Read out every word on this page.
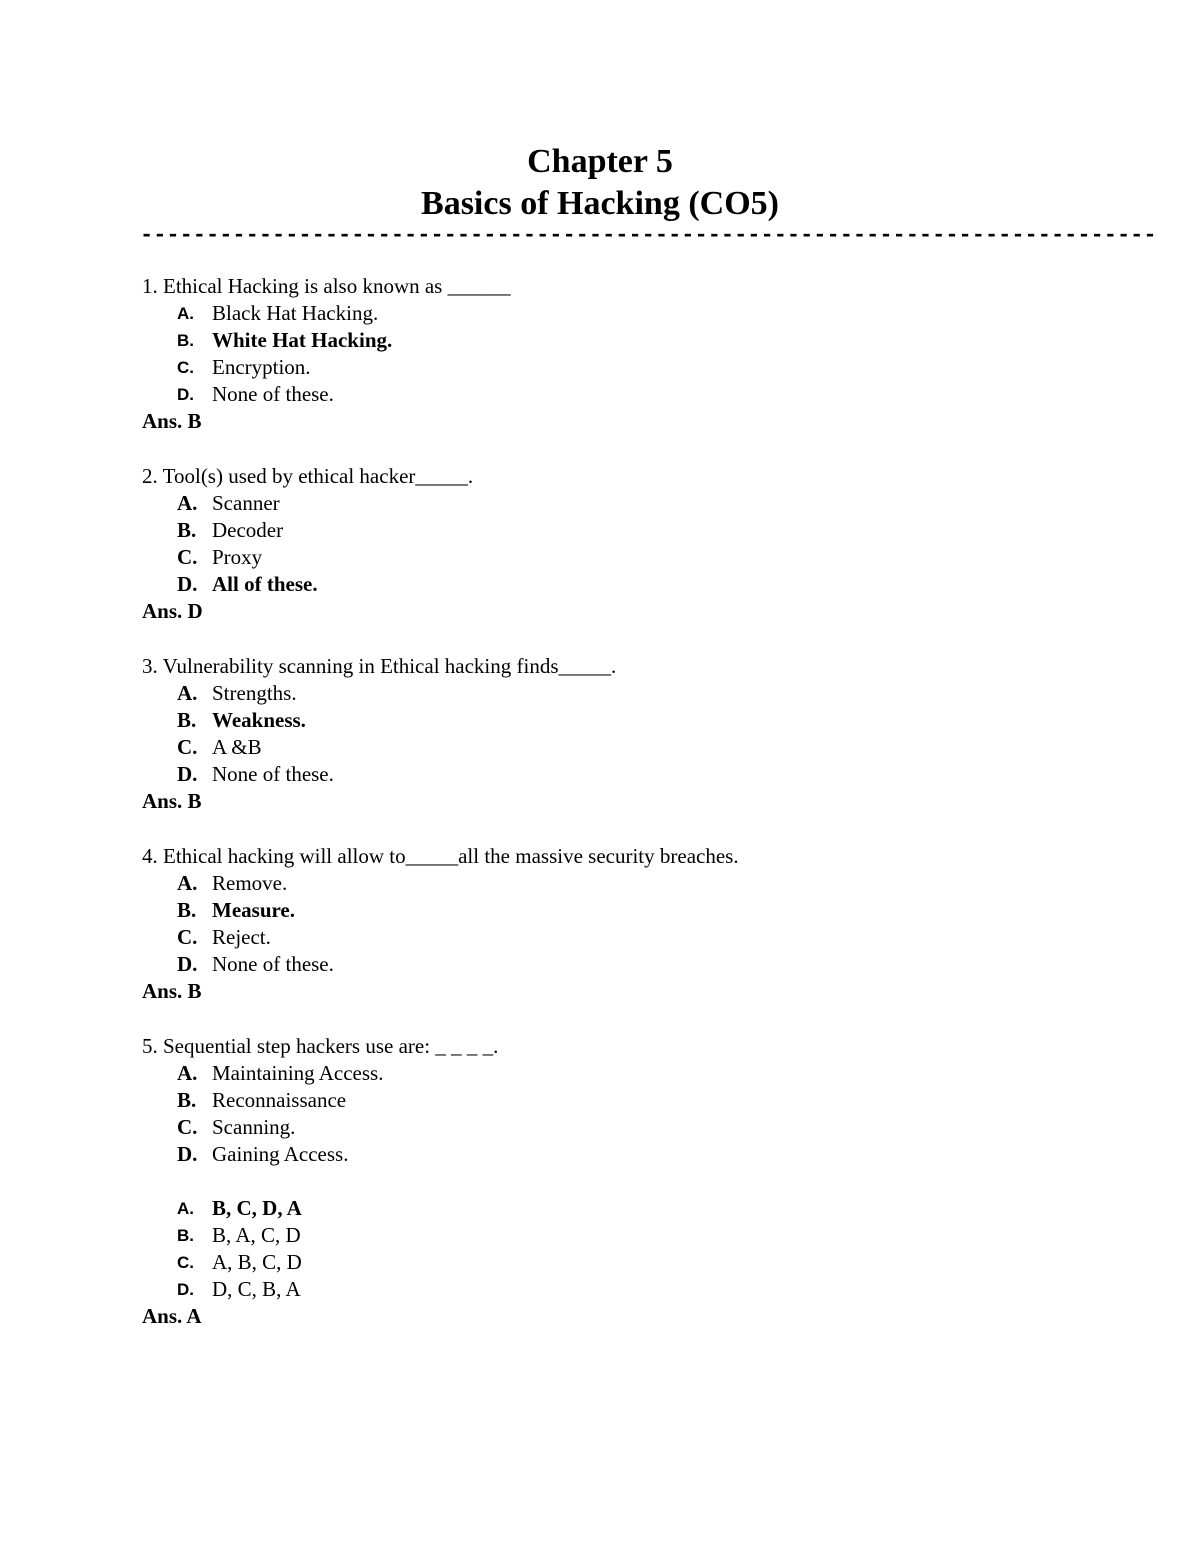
Chapter 5
Basics of Hacking (CO5)
-----------------------------------------------------------------------------
1. Ethical Hacking is also known as ______
A. Black Hat Hacking.
B. White Hat Hacking.
C. Encryption.
D. None of these.
Ans. B
2. Tool(s) used by ethical hacker_____.
A. Scanner
B. Decoder
C. Proxy
D. All of these.
Ans. D
3. Vulnerability scanning in Ethical hacking finds_____.
A. Strengths.
B. Weakness.
C. A &B
D. None of these.
Ans. B
4. Ethical hacking will allow to_____all the massive security breaches.
A. Remove.
B. Measure.
C. Reject.
D. None of these.
Ans. B
5. Sequential step hackers use are: _ _ _ _.
A. Maintaining Access.
B. Reconnaissance
C. Scanning.
D. Gaining Access.
A. B, C, D, A
B. B, A, C, D
C. A, B, C, D
D. D, C, B, A
Ans. A
